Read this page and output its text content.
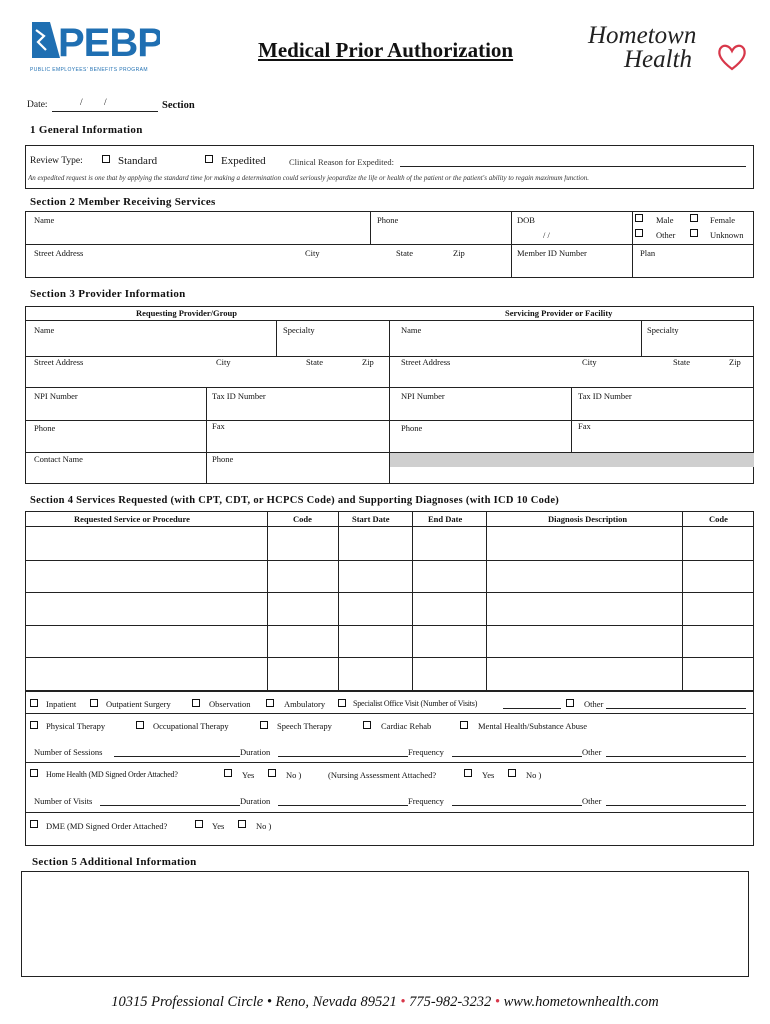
PEBP
PUBLIC EMPLOYEES' BENEFITS PROGRAM
Medical Prior Authorization
Hometown
Health
Date:	/ /	Section
1 General Information
Review Type:	Standard	Expedited	Clinical Reason for Expedited:
An expedited request is one that by applying the standard time for making a determination could seriously jeopardize the life or health of the patient or the patient's ability to regain maximum function.
Section 2 Member Receiving Services
Name	Phone	DOB
/ /
Male	Female
Other	Unknown
Street Address	City	State	Zip	Member ID Number	Plan
Section 3 Provider Information
Requesting Provider/Group	Servicing Provider or Facility
Name	Specialty	Name	Specialty
Street Address	City	State	Zip	Street Address	City	State	Zip
NPI Number	Tax ID Number	NPI Number	Tax ID Number
Phone	Fax	Phone	Fax
Contact Name	Phone
Section 4 Services Requested (with CPT, CDT, or HCPCS Code) and Supporting Diagnoses (with ICD 10 Code)
Requested Service or Procedure	Code	Start Date	End Date	Diagnosis Description	Code
Inpatient	Outpatient Surgery	Observation	Ambulatory	Specialist Office Visit (Number of Visits)	Other
Physical Therapy	Occupational Therapy	Speech Therapy	Cardiac Rehab	Mental Health/Substance Abuse
Number of Sessions	Duration	Frequency	Other
Home Health (MD Signed Order Attached?	Yes	No )	(Nursing Assessment Attached?	Yes	No )
Number of Visits	Duration	Frequency	Other
DME (MD Signed Order Attached?	Yes	No )
Section 5 Additional Information
10315 Professional Circle • Reno, Nevada 89521 • 775-982-3232 • www.hometownhealth.com
